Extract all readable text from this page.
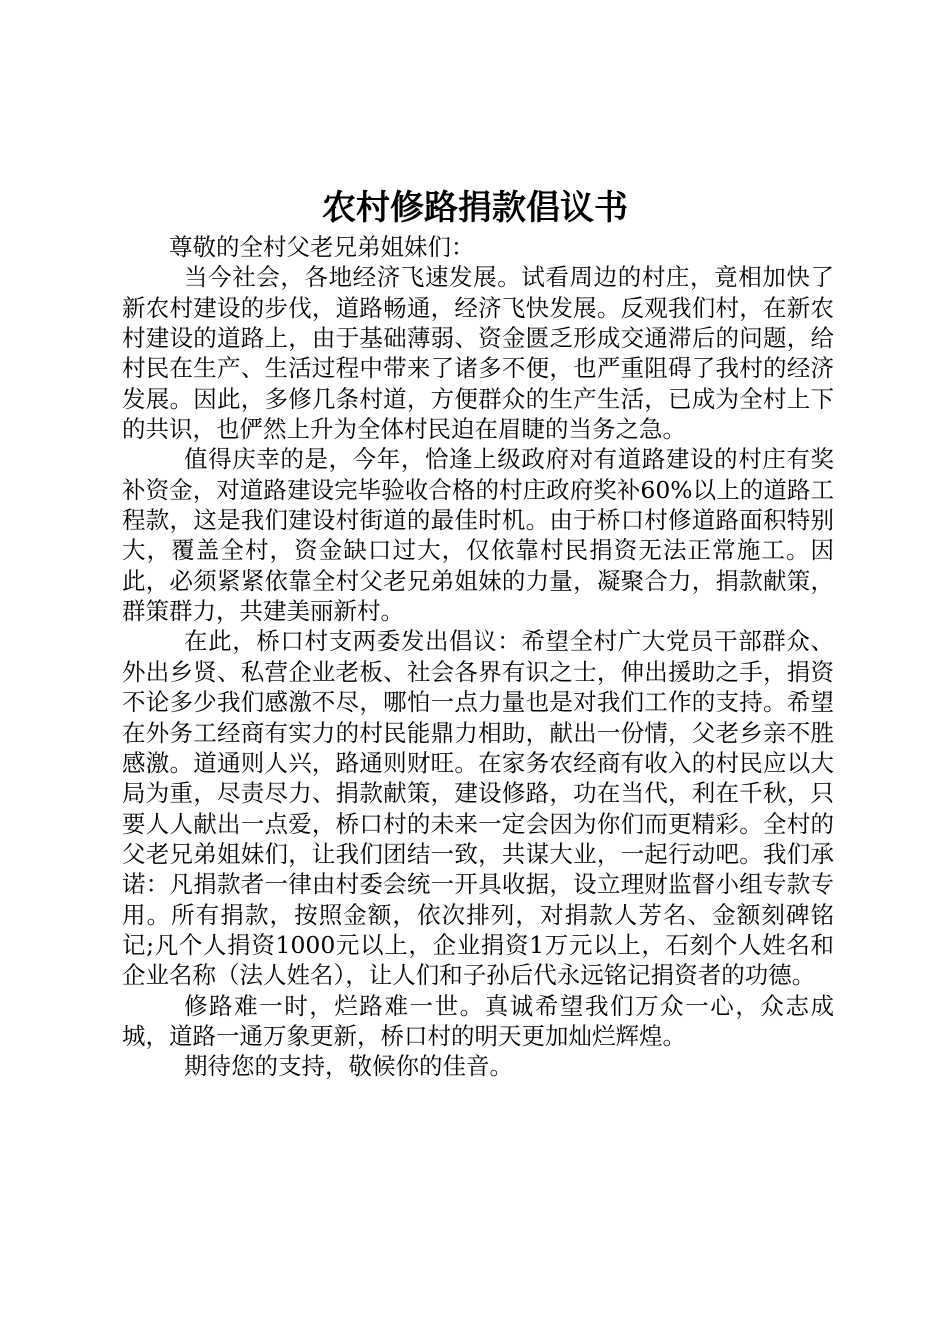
农村修路捐款倡议书

尊敬的全村父老兄弟姐妹们：

当今社会，各地经济飞速发展。试看周边的村庄，竟相加快了新农村建设的步伐，道路畅通，经济飞快发展。反观我们村，在新农村建设的道路上，由于基础薄弱、资金匮乏形成交通滞后的问题，给村民在生产、生活过程中带来了诸多不便，也严重阻碍了我村的经济发展。因此，多修几条村道，方便群众的生产生活，已成为全村上下的共识，也俨然上升为全体村民迫在眉睫的当务之急。

值得庆幸的是，今年，恰逢上级政府对有道路建设的村庄有奖补资金，对道路建设完毕验收合格的村庄政府奖补60%以上的道路工程款，这是我们建设村街道的最佳时机。由于桥口村修道路面积特别大，覆盖全村，资金缺口过大，仅依靠村民捐资无法正常施工。因此，必须紧紧依靠全村父老兄弟姐妹的力量，凝聚合力，捐款献策，群策群力，共建美丽新村。

在此，桥口村支两委发出倡议：希望全村广大党员干部群众、外出乡贤、私营企业老板、社会各界有识之士，伸出援助之手，捐资不论多少我们感激不尽，哪怕一点力量也是对我们工作的支持。希望在外务工经商有实力的村民能鼎力相助，献出一份情，父老乡亲不胜感激。道通则人兴，路通则财旺。在家务农经商有收入的村民应以大局为重，尽责尽力、捐款献策，建设修路，功在当代，利在千秋，只要人人献出一点爱，桥口村的未来一定会因为你们而更精彩。全村的父老兄弟姐妹们，让我们团结一致，共谋大业，一起行动吧。我们承诺：凡捐款者一律由村委会统一开具收据，设立理财监督小组专款专用。所有捐款，按照金额，依次排列，对捐款人芳名、金额刻碑铭记;凡个人捐资1000元以上，企业捐资1万元以上，石刻个人姓名和企业名称（法人姓名），让人们和子孙后代永远铭记捐资者的功德。

修路难一时，烂路难一世。真诚希望我们万众一心，众志成城，道路一通万象更新，桥口村的明天更加灿烂辉煌。

期待您的支持，敬候你的佳音。
